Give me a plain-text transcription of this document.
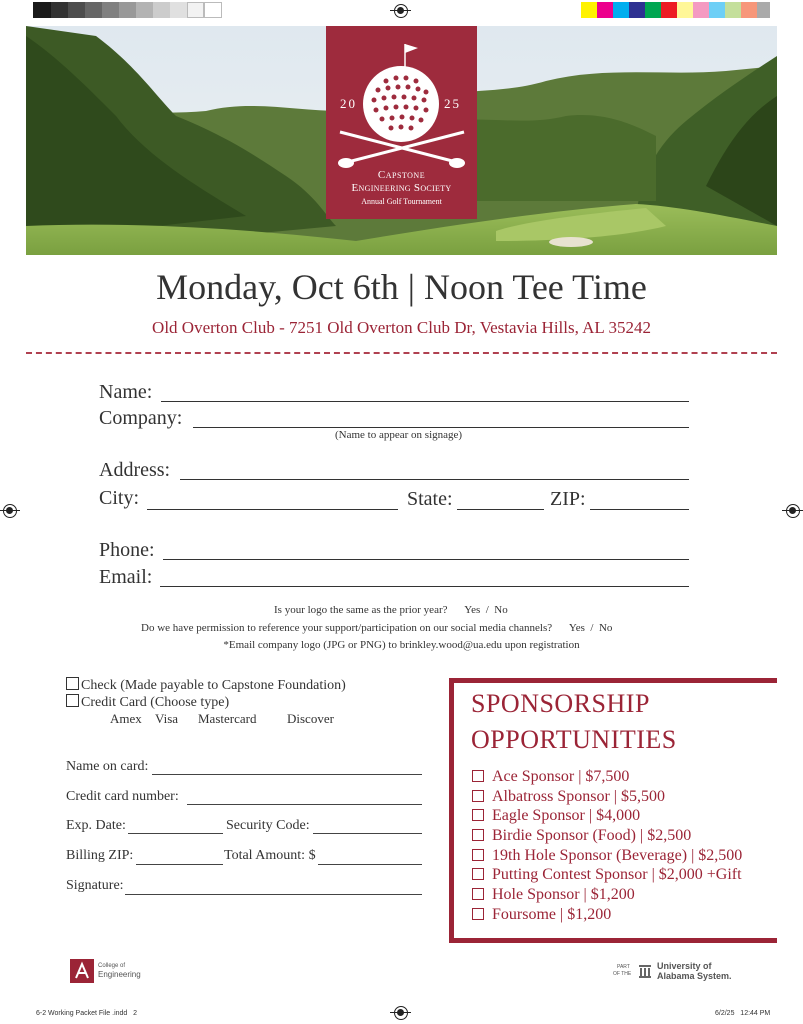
20	25
Capstone
Engineering Society
Annual Golf Tournament
Monday, Oct 6th | Noon Tee Time
Old Overton Club - 7251 Old Overton Club Dr, Vestavia Hills, AL 35242
Name:
Company:
(Name to appear on signage)
Address:
City:	State:	ZIP:
Phone:
Email:
Is your logo the same as the prior year? Yes  /  No
Do we have permission to reference your support/participation on our social media channels? Yes  /  No
*Email company logo (JPG or PNG) to brinkley.wood@ua.edu upon registration
Check (Made payable to Capstone Foundation)
Credit Card (Choose type)
Amex Visa Mastercard Discover
Name on card:
Credit card number:
Exp. Date:	Security Code:
Billing ZIP:	Total Amount: $
Signature:
SPONSORSHIP
OPPORTUNITIES
Ace Sponsor | $7,500
Albatross Sponsor | $5,500
Eagle Sponsor | $4,000
Birdie Sponsor (Food) | $2,500
19th Hole Sponsor (Beverage) | $2,500
Putting Contest Sponsor | $2,000 +Gift
Hole Sponsor | $1,200
Foursome | $1,200
College of
Engineering
PART
OF THE
University of
Alabama System.
6-2 Working Packet File .indd   2	6/2/25   12:44 PM
